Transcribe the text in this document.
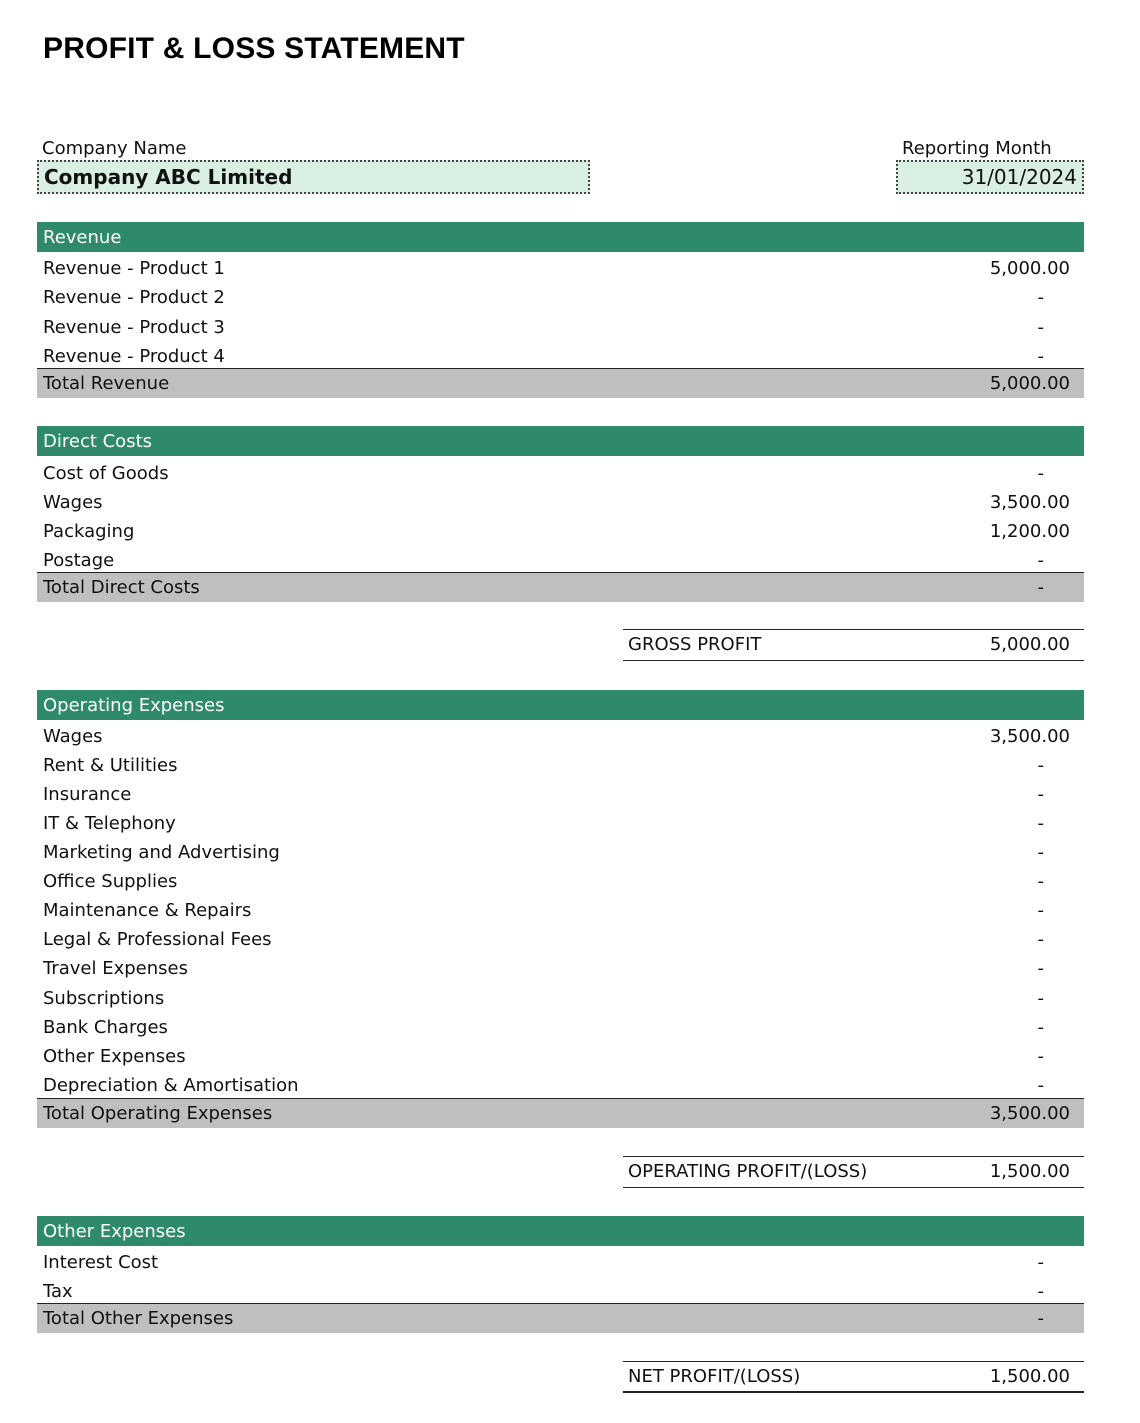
PROFIT & LOSS STATEMENT
Company Name
Company ABC Limited
Reporting Month
31/01/2024
Revenue
Revenue - Product 1	5,000.00
Revenue - Product 2	-
Revenue - Product 3	-
Revenue - Product 4	-
Total Revenue	5,000.00
Direct Costs
Cost of Goods	-
Wages	3,500.00
Packaging	1,200.00
Postage	-
Total Direct Costs	-
GROSS PROFIT	5,000.00
Operating Expenses
Wages	3,500.00
Rent & Utilities	-
Insurance	-
IT & Telephony	-
Marketing and Advertising	-
Office Supplies	-
Maintenance & Repairs	-
Legal & Professional Fees	-
Travel Expenses	-
Subscriptions	-
Bank Charges	-
Other Expenses	-
Depreciation & Amortisation	-
Total Operating Expenses	3,500.00
OPERATING PROFIT/(LOSS)	1,500.00
Other Expenses
Interest Cost	-
Tax	-
Total Other Expenses	-
NET PROFIT/(LOSS)	1,500.00
